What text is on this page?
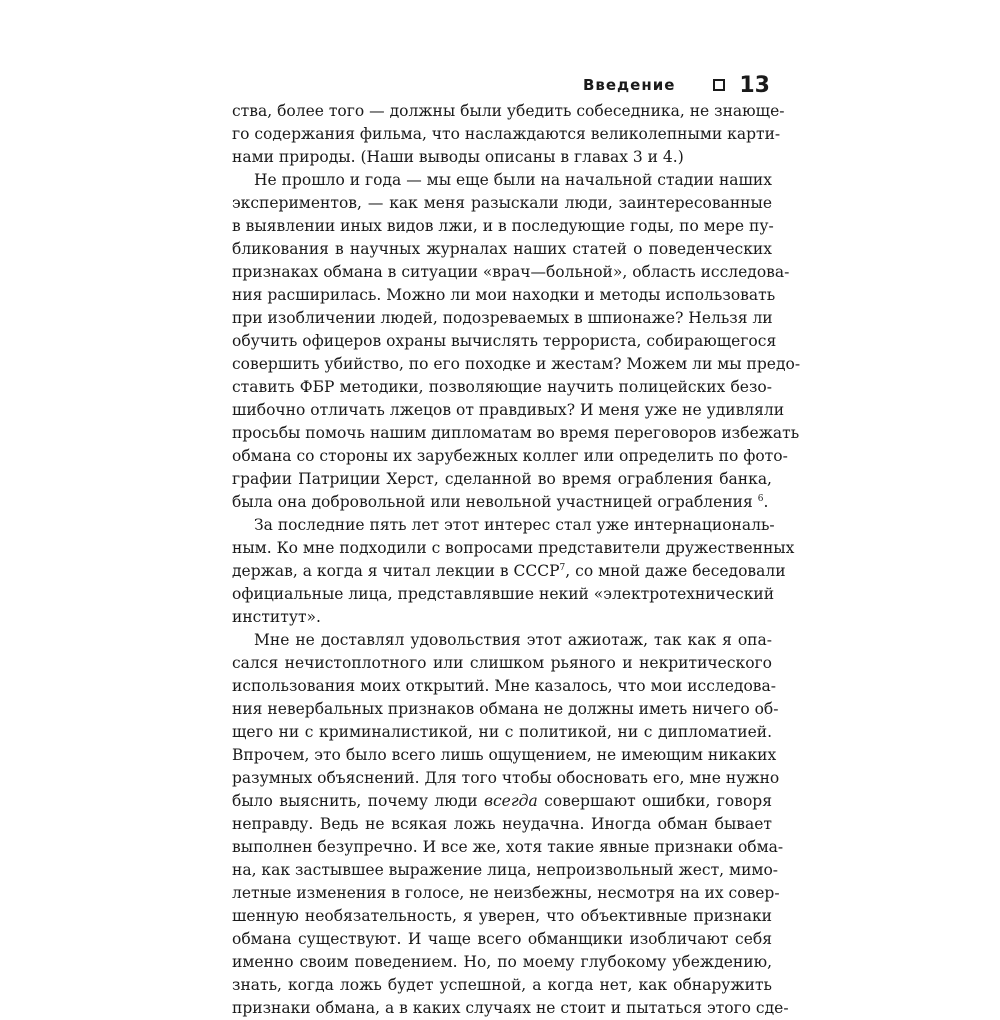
Введение	13

ства, более того — должны были убедить собеседника, не знающе-
го содержания фильма, что наслаждаются великолепными карти-
нами природы. (Наши выводы описаны в главах 3 и 4.)

Не прошло и года — мы еще были на начальной стадии наших
экспериментов, — как меня разыскали люди, заинтересованные
в выявлении иных видов лжи, и в последующие годы, по мере пу-
бликования в научных журналах наших статей о поведенческих
признаках обмана в ситуации «врач—больной», область исследова-
ния расширилась. Можно ли мои находки и методы использовать
при изобличении людей, подозреваемых в шпионаже? Нельзя ли
обучить офицеров охраны вычислять террориста, собирающегося
совершить убийство, по его походке и жестам? Можем ли мы предо-
ставить ФБР методики, позволяющие научить полицейских безо-
шибочно отличать лжецов от правдивых? И меня уже не удивляли
просьбы помочь нашим дипломатам во время переговоров избежать
обмана со стороны их зарубежных коллег или определить по фото-
графии Патриции Херст, сделанной во время ограбления банка,
была она добровольной или невольной участницей ограбления $^6$.

За последние пять лет этот интерес стал уже интернациональ-
ным. Ко мне подходили с вопросами представители дружественных
держав, а когда я читал лекции в СССР$^7$, со мной даже беседовали
официальные лица, представлявшие некий «электротехнический
институт».

Мне не доставлял удовольствия этот ажиотаж, так как я опа-
сался нечистоплотного или слишком рьяного и некритического
использования моих открытий. Мне казалось, что мои исследова-
ния невербальных признаков обмана не должны иметь ничего об-
щего ни с криминалистикой, ни с политикой, ни с дипломатией.
Впрочем, это было всего лишь ощущением, не имеющим никаких
разумных объяснений. Для того чтобы обосновать его, мне нужно
было выяснить, почему люди всегда совершают ошибки, говоря
неправду. Ведь не всякая ложь неудачна. Иногда обман бывает
выполнен безупречно. И все же, хотя такие явные признаки обма-
на, как застывшее выражение лица, непроизвольный жест, мимо-
летные изменения в голосе, не неизбежны, несмотря на их совер-
шенную необязательность, я уверен, что объективные признаки
обмана существуют. И чаще всего обманщики изобличают себя
именно своим поведением. Но, по моему глубокому убеждению,
знать, когда ложь будет успешной, а когда нет, как обнаружить
признаки обмана, а в каких случаях не стоит и пытаться этого сде-
